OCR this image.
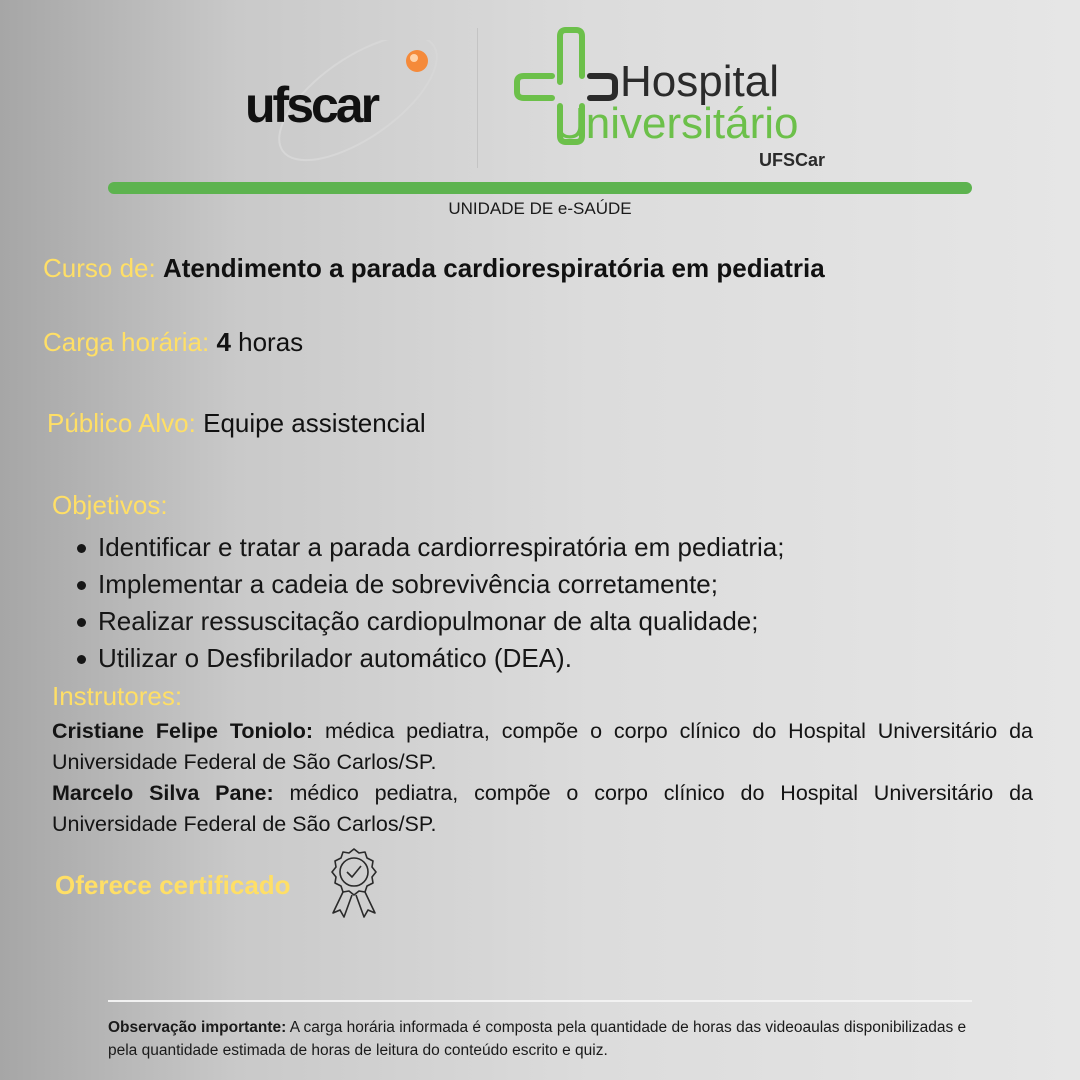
ufscar	Hospital
Universitário
UFSCar
UNIDADE DE e-SAÚDE
Curso de: Atendimento a parada cardiorespiratória em pediatria
Carga horária: 4 horas
Público Alvo: Equipe assistencial
Objetivos:
Identificar e tratar a parada cardiorrespiratória em pediatria;
Implementar a cadeia de sobrevivência corretamente;
Realizar ressuscitação cardiopulmonar de alta qualidade;
Utilizar o Desfibrilador automático (DEA).
Instrutores:
Cristiane Felipe Toniolo: médica pediatra, compõe o corpo clínico do Hospital Universitário da Universidade Federal de São Carlos/SP.
Marcelo Silva Pane: médico pediatra, compõe o corpo clínico do Hospital Universitário da Universidade Federal de São Carlos/SP.
Oferece certificado
Observação importante: A carga horária informada é composta pela quantidade de horas das videoaulas disponibilizadas e pela quantidade estimada de horas de leitura do conteúdo escrito e quiz.
